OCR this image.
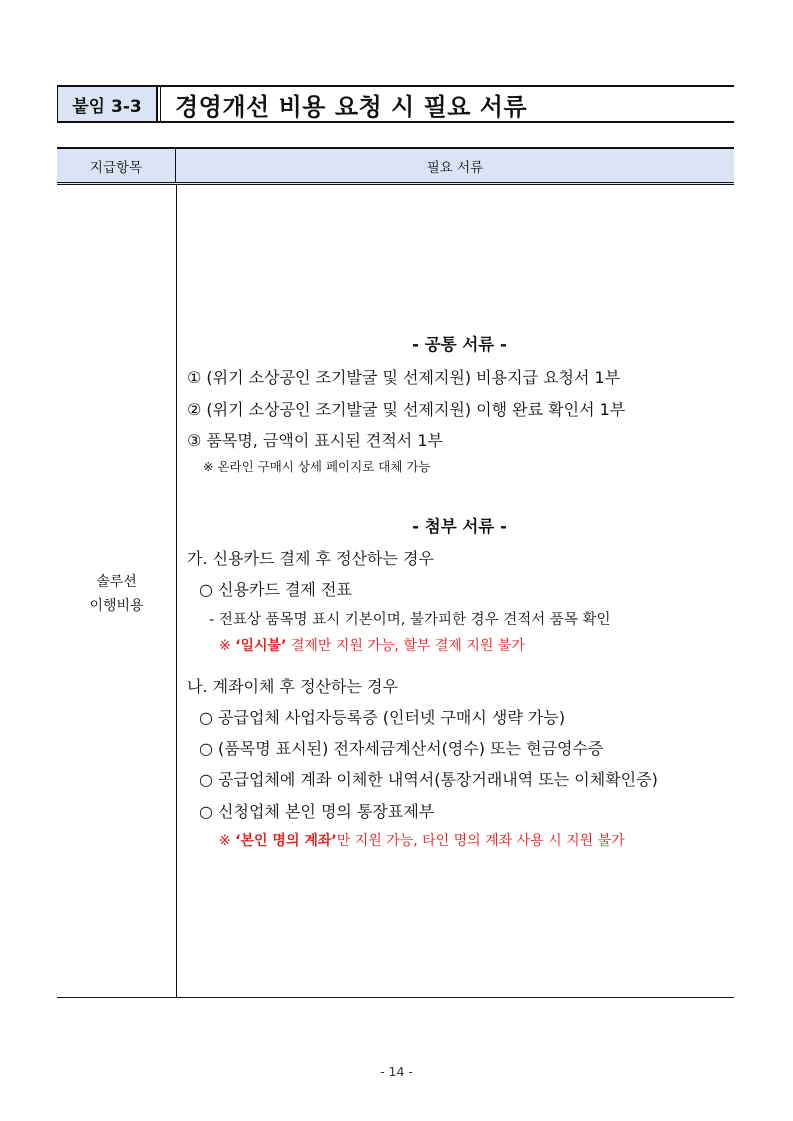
붙임 3-3	경영개선 비용 요청 시 필요 서류
지급항목	필요 서류
솔루션
이행비용
- 공통 서류 -
① (위기 소상공인 조기발굴 및 선제지원) 비용지급 요청서 1부
② (위기 소상공인 조기발굴 및 선제지원) 이행 완료 확인서 1부
③ 품목명, 금액이 표시된 견적서 1부
※ 온라인 구매시 상세 페이지로 대체 가능
- 첨부 서류 -
가. 신용카드 결제 후 정산하는 경우
○ 신용카드 결제 전표
- 전표상 품목명 표시 기본이며, 불가피한 경우 견적서 품목 확인
※ ‘일시불’ 결제만 지원 가능, 할부 결제 지원 불가
나. 계좌이체 후 정산하는 경우
○ 공급업체 사업자등록증 (인터넷 구매시 생략 가능)
○ (품목명 표시된) 전자세금계산서(영수) 또는 현금영수증
○ 공급업체에 계좌 이체한 내역서(통장거래내역 또는 이체확인증)
○ 신청업체 본인 명의 통장표제부
※ ‘본인 명의 계좌’만 지원 가능, 타인 명의 계좌 사용 시 지원 불가
- 14 -
